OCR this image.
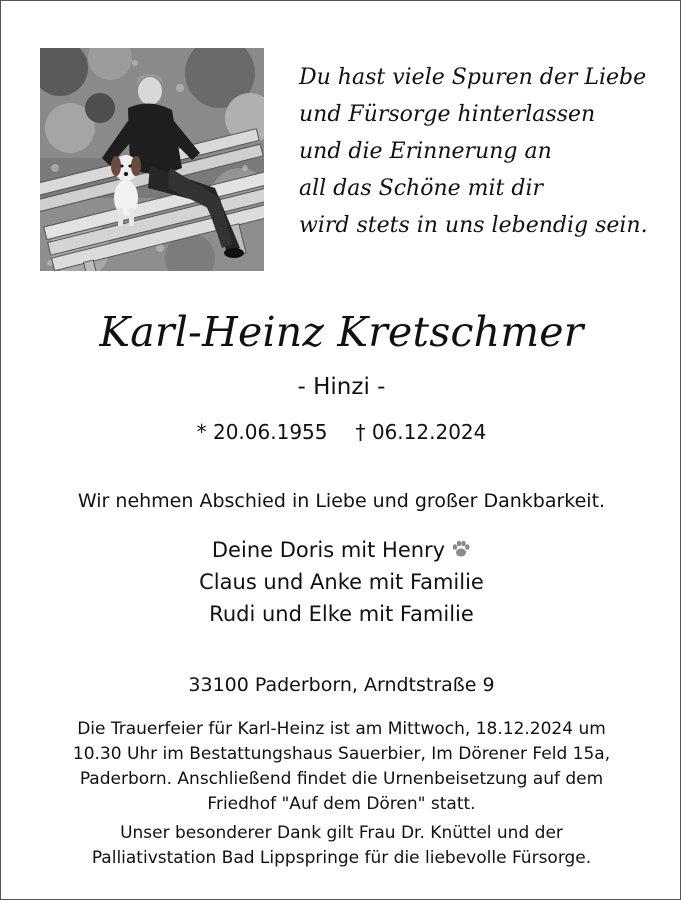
Du hast viele Spuren der Liebe
und Fürsorge hinterlassen
und die Erinnerung an
all das Schöne mit dir
wird stets in uns lebendig sein.
Karl-Heinz Kretschmer
- Hinzi -
* 20.06.1955 † 06.12.2024
Wir nehmen Abschied in Liebe und großer Dankbarkeit.
Deine Doris mit Henry
Claus und Anke mit Familie
Rudi und Elke mit Familie
33100 Paderborn, Arndtstraße 9
Die Trauerfeier für Karl-Heinz ist am Mittwoch, 18.12.2024 um
10.30 Uhr im Bestattungshaus Sauerbier, Im Dörener Feld 15a,
Paderborn. Anschließend findet die Urnenbeisetzung auf dem
Friedhof "Auf dem Dören" statt.
Unser besonderer Dank gilt Frau Dr. Knüttel und der
Palliativstation Bad Lippspringe für die liebevolle Fürsorge.
